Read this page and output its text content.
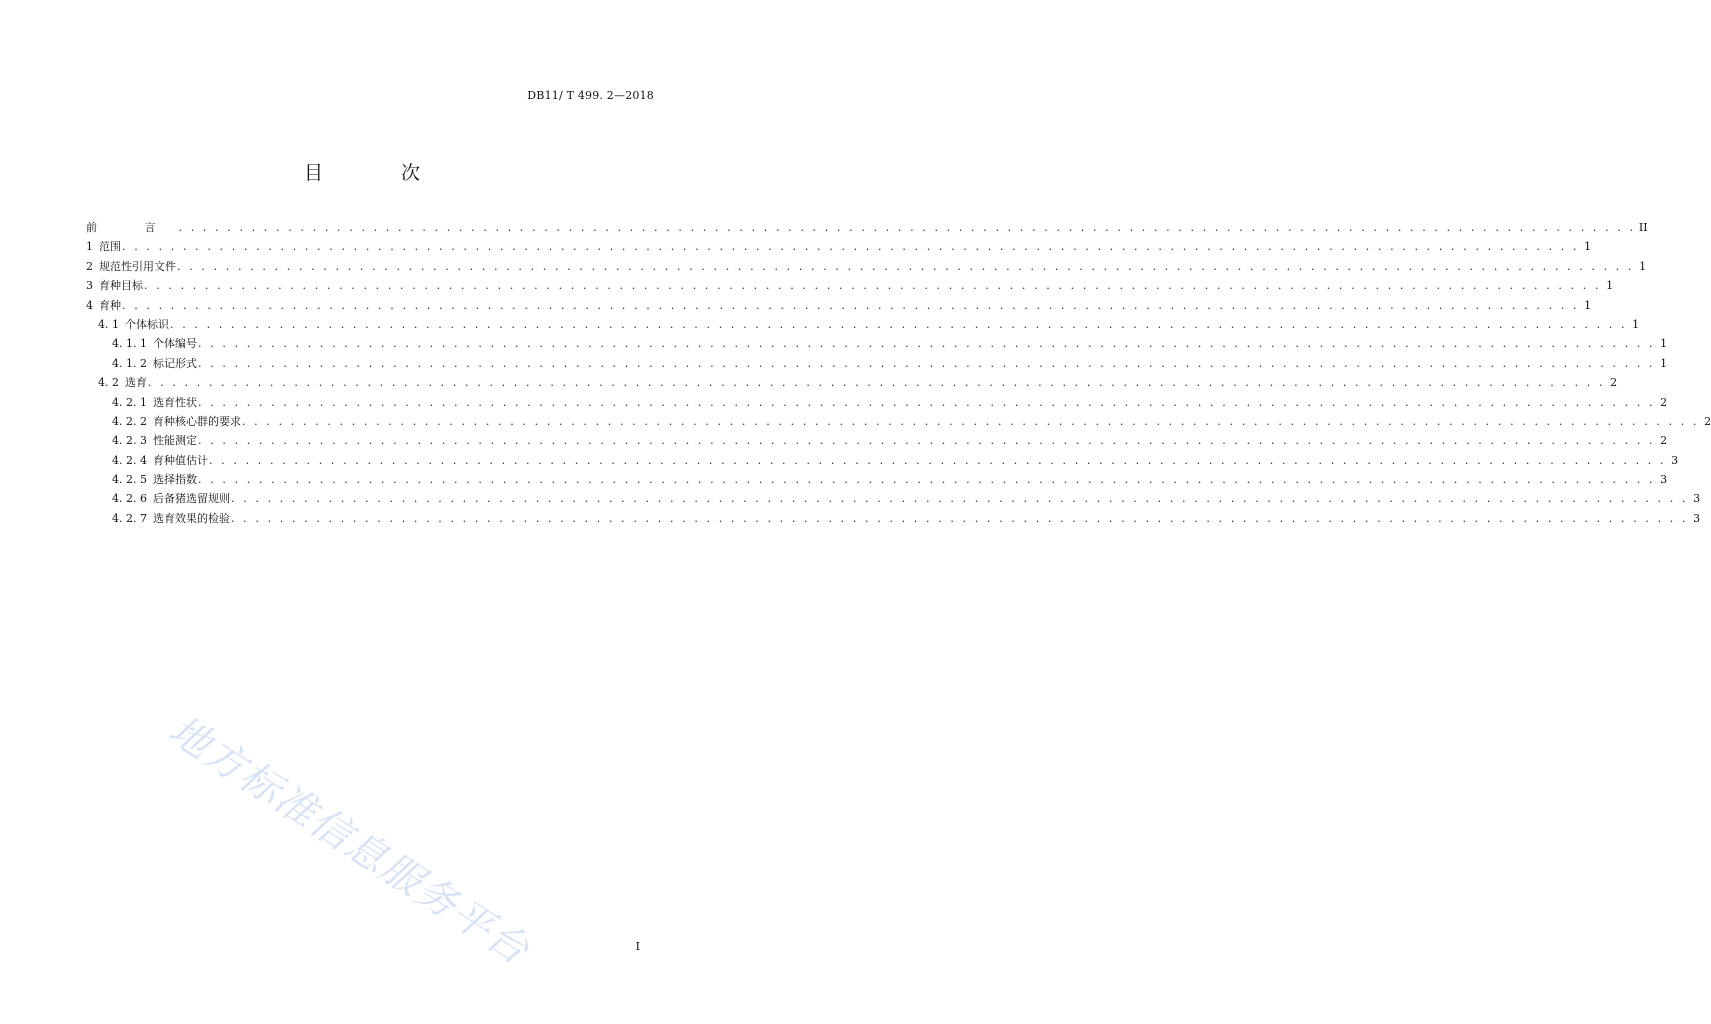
DB11/ T 499. 2—2018
目 次
前 言 . . . . . . . . . . . . . . . . . . . . . . . . . . . . . . . . . . . . . . . . . . . . . . . . . . . . . . . . . . . . . . . . . . . . . . . . . . . . . . . . . . . . . . . . . . . . . . . . . . . . . . . . . . . . . . . . . . . . . . . . II
1 范围 . . . . . . . . . . . . . . . . . . . . . . . . . . . . . . . . . . . . . . . . . . . . . . . . . . . . . . . . . . . . . . . . . . . . . . . . . . . . . . . . . . . . . . . . . . . . . . . . . . . . . . . . . . . . . . . . . . . . . . . . 1
2 规范性引用文件 . . . . . . . . . . . . . . . . . . . . . . . . . . . . . . . . . . . . . . . . . . . . . . . . . . . . . . . . . . . . . . . . . . . . . . . . . . . . . . . . . . . . . . . . . . . . . . . . . . . . . . . . . . . . . . . . . . . . . . . . 1
3 育种目标 . . . . . . . . . . . . . . . . . . . . . . . . . . . . . . . . . . . . . . . . . . . . . . . . . . . . . . . . . . . . . . . . . . . . . . . . . . . . . . . . . . . . . . . . . . . . . . . . . . . . . . . . . . . . . . . . . . . . . . . . 1
4 育种 . . . . . . . . . . . . . . . . . . . . . . . . . . . . . . . . . . . . . . . . . . . . . . . . . . . . . . . . . . . . . . . . . . . . . . . . . . . . . . . . . . . . . . . . . . . . . . . . . . . . . . . . . . . . . . . . . . . . . . . . 1
4. 1 个体标识 . . . . . . . . . . . . . . . . . . . . . . . . . . . . . . . . . . . . . . . . . . . . . . . . . . . . . . . . . . . . . . . . . . . . . . . . . . . . . . . . . . . . . . . . . . . . . . . . . . . . . . . . . . . . . . . . . . . . . . . . 1
4. 1. 1 个体编号 . . . . . . . . . . . . . . . . . . . . . . . . . . . . . . . . . . . . . . . . . . . . . . . . . . . . . . . . . . . . . . . . . . . . . . . . . . . . . . . . . . . . . . . . . . . . . . . . . . . . . . . . . . . . . . . . . . . . . . . . 1
4. 1. 2 标记形式 . . . . . . . . . . . . . . . . . . . . . . . . . . . . . . . . . . . . . . . . . . . . . . . . . . . . . . . . . . . . . . . . . . . . . . . . . . . . . . . . . . . . . . . . . . . . . . . . . . . . . . . . . . . . . . . . . . . . . . . . 1
4. 2 选育 . . . . . . . . . . . . . . . . . . . . . . . . . . . . . . . . . . . . . . . . . . . . . . . . . . . . . . . . . . . . . . . . . . . . . . . . . . . . . . . . . . . . . . . . . . . . . . . . . . . . . . . . . . . . . . . . . . . . . . . . 2
4. 2. 1 选育性状 . . . . . . . . . . . . . . . . . . . . . . . . . . . . . . . . . . . . . . . . . . . . . . . . . . . . . . . . . . . . . . . . . . . . . . . . . . . . . . . . . . . . . . . . . . . . . . . . . . . . . . . . . . . . . . . . . . . . . . . . 2
4. 2. 2 育种核心群的要求 . . . . . . . . . . . . . . . . . . . . . . . . . . . . . . . . . . . . . . . . . . . . . . . . . . . . . . . . . . . . . . . . . . . . . . . . . . . . . . . . . . . . . . . . . . . . . . . . . . . . . . . . . . . . . . . . . . . . . . . . 2
4. 2. 3 性能测定 . . . . . . . . . . . . . . . . . . . . . . . . . . . . . . . . . . . . . . . . . . . . . . . . . . . . . . . . . . . . . . . . . . . . . . . . . . . . . . . . . . . . . . . . . . . . . . . . . . . . . . . . . . . . . . . . . . . . . . . . 2
4. 2. 4 育种值估计 . . . . . . . . . . . . . . . . . . . . . . . . . . . . . . . . . . . . . . . . . . . . . . . . . . . . . . . . . . . . . . . . . . . . . . . . . . . . . . . . . . . . . . . . . . . . . . . . . . . . . . . . . . . . . . . . . . . . . . . . 3
4. 2. 5 选择指数 . . . . . . . . . . . . . . . . . . . . . . . . . . . . . . . . . . . . . . . . . . . . . . . . . . . . . . . . . . . . . . . . . . . . . . . . . . . . . . . . . . . . . . . . . . . . . . . . . . . . . . . . . . . . . . . . . . . . . . . . 3
4. 2. 6 后备猪选留规则 . . . . . . . . . . . . . . . . . . . . . . . . . . . . . . . . . . . . . . . . . . . . . . . . . . . . . . . . . . . . . . . . . . . . . . . . . . . . . . . . . . . . . . . . . . . . . . . . . . . . . . . . . . . . . . . . . . . . . . . . 3
4. 2. 7 选育效果的检验 . . . . . . . . . . . . . . . . . . . . . . . . . . . . . . . . . . . . . . . . . . . . . . . . . . . . . . . . . . . . . . . . . . . . . . . . . . . . . . . . . . . . . . . . . . . . . . . . . . . . . . . . . . . . . . . . . . . . . . . . 3
地方标准信息服务平台	I
